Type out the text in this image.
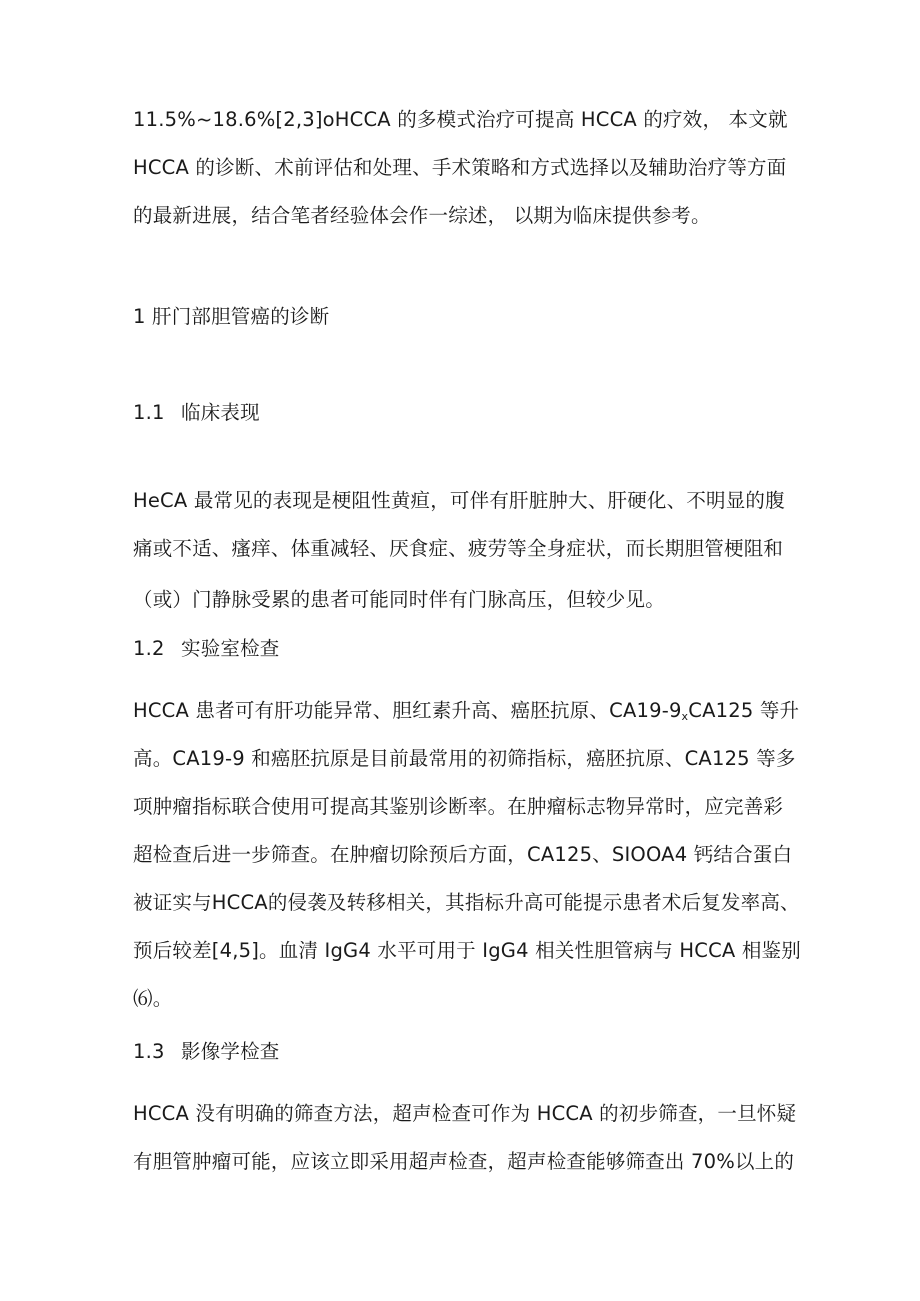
11.5%~18.6%[2,3]oHCCA 的多模式治疗可提高 HCCA 的疗效， 本文就
HCCA 的诊断、术前评估和处理、手术策略和方式选择以及辅助治疗等方面
的最新进展，结合笔者经验体会作一综述， 以期为临床提供参考。
1 肝门部胆管癌的诊断
1.1 临床表现
HeCA 最常见的表现是梗阻性黄疸，可伴有肝脏肿大、肝硬化、不明显的腹
痛或不适、瘙痒、体重减轻、厌食症、疲劳等全身症状，而长期胆管梗阻和
（或）门静脉受累的患者可能同时伴有门脉高压，但较少见。
1.2 实验室检查
HCCA 患者可有肝功能异常、胆红素升高、癌胚抗原、$CA19-9_xCA125$ 等升
高。CA19-9 和癌胚抗原是目前最常用的初筛指标，癌胚抗原、CA125 等多
项肿瘤指标联合使用可提高其鉴别诊断率。在肿瘤标志物异常时，应完善彩
超检查后进一步筛查。在肿瘤切除预后方面，CA125、SIOOA4 钙结合蛋白
被证实与HCCA的侵袭及转移相关，其指标升高可能提示患者术后复发率高、
预后较差[4,5]。血清 IgG4 水平可用于 IgG4 相关性胆管病与 HCCA 相鉴别
⑹。
1.3 影像学检查
HCCA 没有明确的筛查方法，超声检查可作为 HCCA 的初步筛查，一旦怀疑
有胆管肿瘤可能，应该立即采用超声检查，超声检查能够筛查出 70%以上的
